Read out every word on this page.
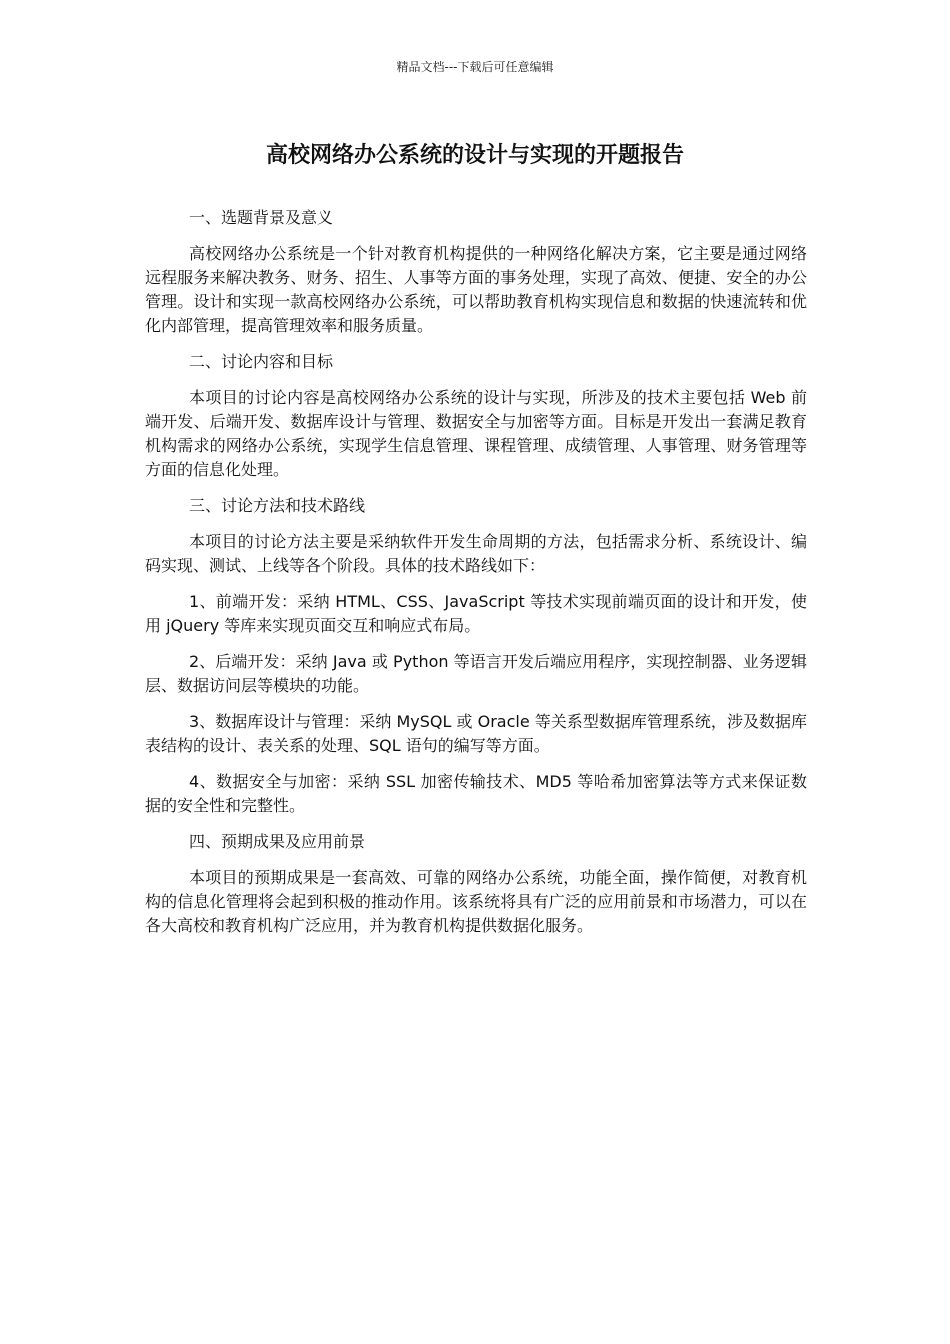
精品文档---下载后可任意编辑
高校网络办公系统的设计与实现的开题报告

一、选题背景及意义

高校网络办公系统是一个针对教育机构提供的一种网络化解决方案，它主要是通过网络远程服务来解决教务、财务、招生、人事等方面的事务处理，实现了高效、便捷、安全的办公管理。设计和实现一款高校网络办公系统，可以帮助教育机构实现信息和数据的快速流转和优化内部管理，提高管理效率和服务质量。

二、讨论内容和目标

本项目的讨论内容是高校网络办公系统的设计与实现，所涉及的技术主要包括 Web 前端开发、后端开发、数据库设计与管理、数据安全与加密等方面。目标是开发出一套满足教育机构需求的网络办公系统，实现学生信息管理、课程管理、成绩管理、人事管理、财务管理等方面的信息化处理。

三、讨论方法和技术路线

本项目的讨论方法主要是采纳软件开发生命周期的方法，包括需求分析、系统设计、编码实现、测试、上线等各个阶段。具体的技术路线如下：

1、前端开发：采纳 HTML、CSS、JavaScript 等技术实现前端页面的设计和开发，使用 jQuery 等库来实现页面交互和响应式布局。

2、后端开发：采纳 Java 或 Python 等语言开发后端应用程序，实现控制器、业务逻辑层、数据访问层等模块的功能。

3、数据库设计与管理：采纳 MySQL 或 Oracle 等关系型数据库管理系统，涉及数据库表结构的设计、表关系的处理、SQL 语句的编写等方面。

4、数据安全与加密：采纳 SSL 加密传输技术、MD5 等哈希加密算法等方式来保证数据的安全性和完整性。

四、预期成果及应用前景

本项目的预期成果是一套高效、可靠的网络办公系统，功能全面，操作简便，对教育机构的信息化管理将会起到积极的推动作用。该系统将具有广泛的应用前景和市场潜力，可以在各大高校和教育机构广泛应用，并为教育机构提供数据化服务。
